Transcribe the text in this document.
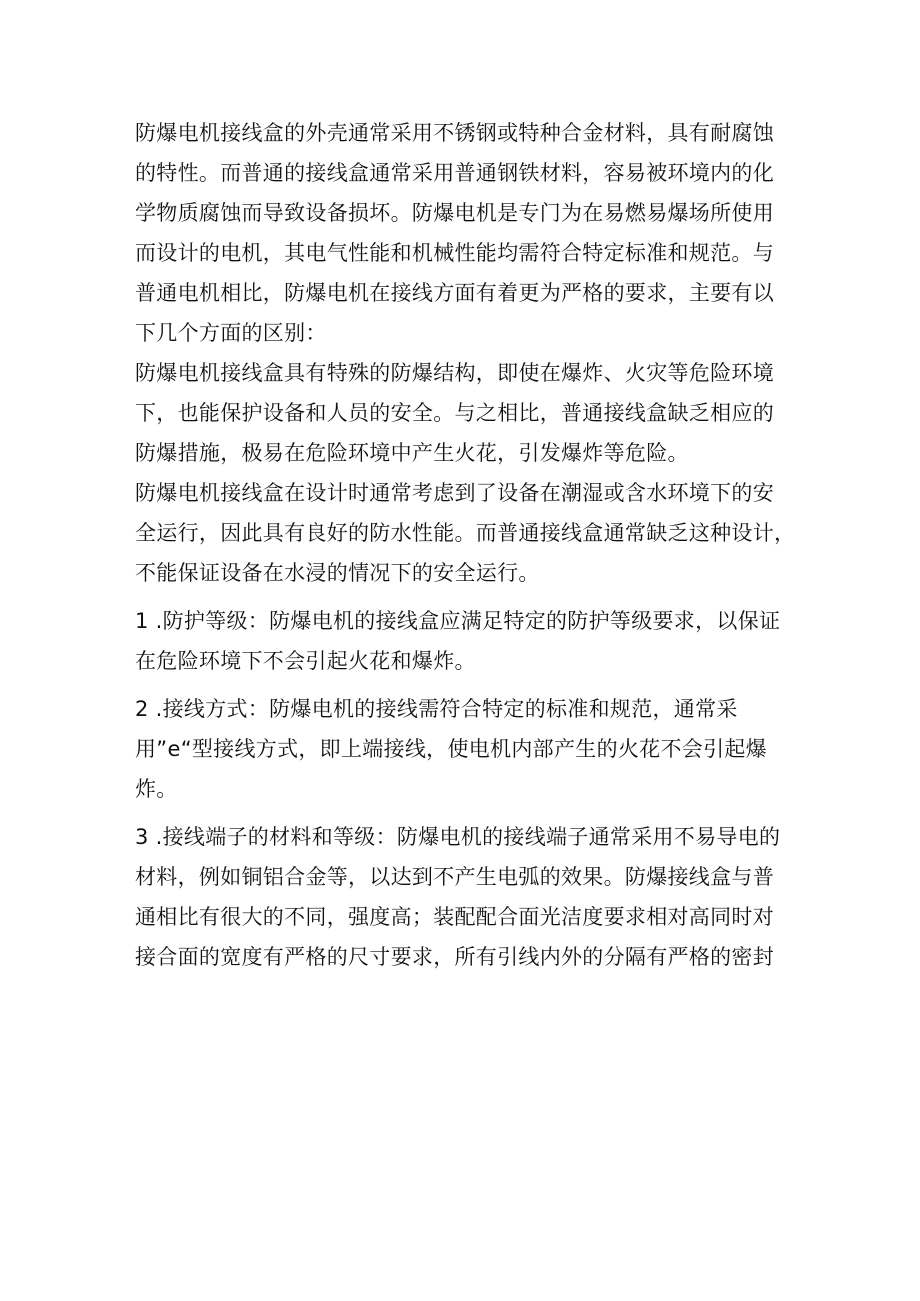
防爆电机接线盒的外壳通常采用不锈钢或特种合金材料，具有耐腐蚀
的特性。而普通的接线盒通常采用普通钢铁材料，容易被环境内的化
学物质腐蚀而导致设备损坏。防爆电机是专门为在易燃易爆场所使用
而设计的电机，其电气性能和机械性能均需符合特定标准和规范。与
普通电机相比，防爆电机在接线方面有着更为严格的要求，主要有以
下几个方面的区别：
防爆电机接线盒具有特殊的防爆结构，即使在爆炸、火灾等危险环境
下，也能保护设备和人员的安全。与之相比，普通接线盒缺乏相应的
防爆措施，极易在危险环境中产生火花，引发爆炸等危险。
防爆电机接线盒在设计时通常考虑到了设备在潮湿或含水环境下的安
全运行，因此具有良好的防水性能。而普通接线盒通常缺乏这种设计，
不能保证设备在水浸的情况下的安全运行。
1 .防护等级：防爆电机的接线盒应满足特定的防护等级要求，以保证
在危险环境下不会引起火花和爆炸。
2 .接线方式：防爆电机的接线需符合特定的标准和规范，通常采
用”e“型接线方式，即上端接线，使电机内部产生的火花不会引起爆
炸。
3 .接线端子的材料和等级：防爆电机的接线端子通常采用不易导电的
材料，例如铜铝合金等，以达到不产生电弧的效果。防爆接线盒与普
通相比有很大的不同，强度高；装配配合面光洁度要求相对高同时对
接合面的宽度有严格的尺寸要求，所有引线内外的分隔有严格的密封
